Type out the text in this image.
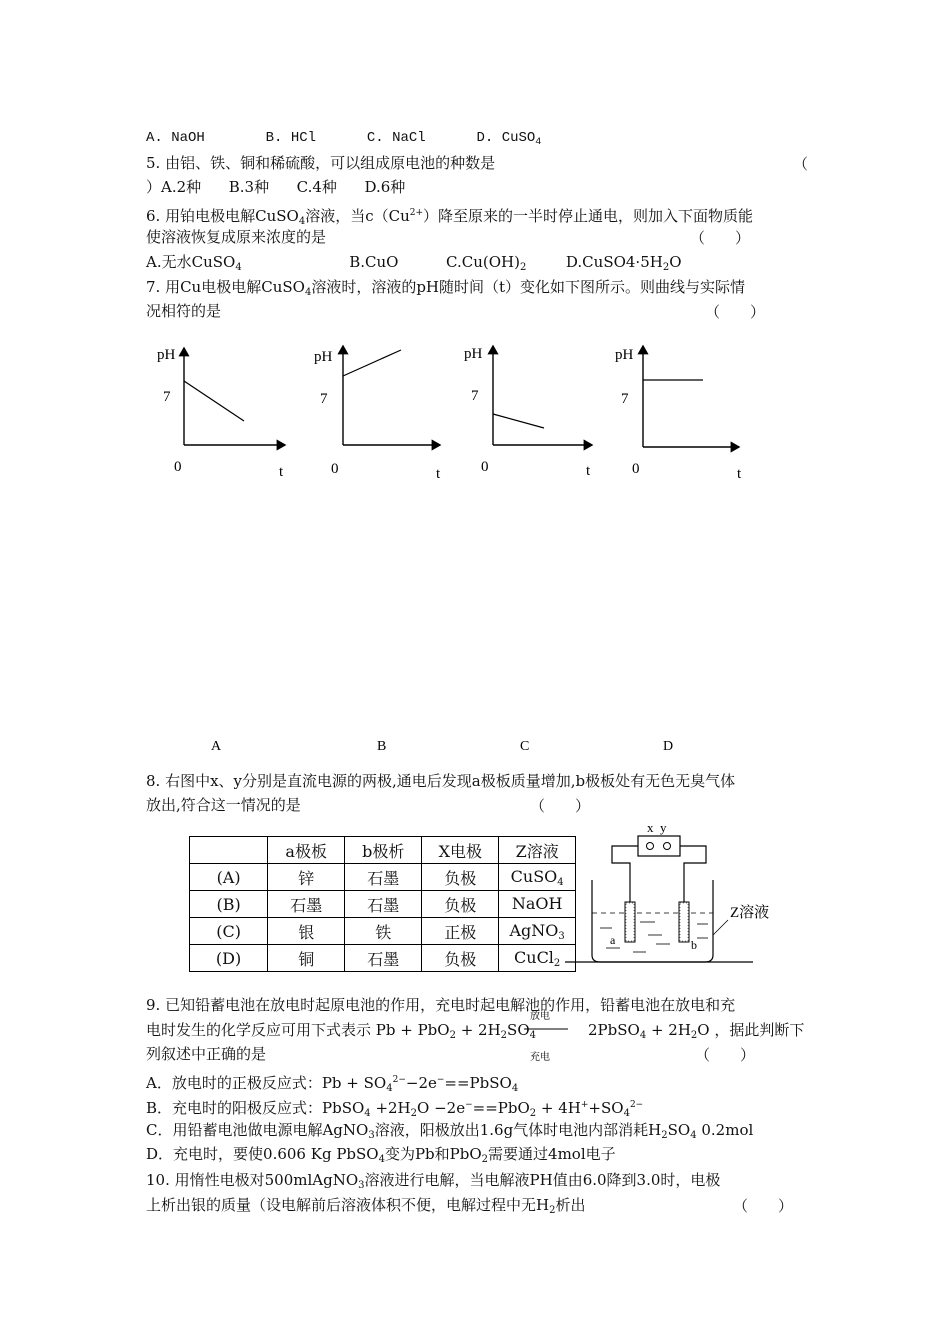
A. NaOH	B. HCl	C. NaCl	D. CuSO$_4$
5. 由铝、铁、铜和稀硫酸，可以组成原电池的种数是	（
）A.2种 B.3种 C.4种 D.6种
6. 用铂电极电解CuSO$_4$溶液，当$c(Cu^{2+})$降至原来的一半时停止通电，则加入下面物质能
使溶液恢复成原来浓度的是	（　　）
A.无水CuSO$_4$	B.CuO	$C.Cu(OH)_2$	$D.CuSO4\cdot 5H_2O$
7. 用Cu电极电解CuSO$_4$溶液时，溶液的pH随时间（t）变化如下图所示。则曲线与实际情
况相符的是	（　　）
pH
7
0	t
pH
7
0	t
pH
7
0	t
pH
7
0	t
A	B	C	D
x  y
Z溶液
a	b
放电
充电
8. 右图中x、y分别是直流电源的两极,通电后发现a极板质量增加,b极板处有无色无臭气体
放出,符合这一情况的是	（　　）
	a极板	b极析	X电极	Z溶液
(A)	锌	石墨	负极	CuSO$_4$
(B)	石墨	石墨	负极	NaOH
(C)	银	铁	正极	AgNO$_3$
(D)	铜	石墨	负极	CuCl$_2$
9. 已知铅蓄电池在放电时起原电池的作用，充电时起电解池的作用，铅蓄电池在放电和充
电时发生的化学反应可用下式表示 $Pb + PbO_2 + 2H_2SO_4$	2PbSO$_4$ + $2H_2O$ ，据此判断下
列叙述中正确的是	（　　）
A．放电时的正极反应式：$Pb + SO_4^{2-}-2e^-==PbSO_4$
B．充电时的阳极反应式：PbSO$_4$ $+2H_2O -2e^-==PbO_2 + 4H^++SO_4^{2-}$
C．用铅蓄电池做电源电解AgNO$_3$溶液，阳极放出1.6g气体时电池内部消耗$H_2SO_4$ 0.2mol
D．充电时，要使0.606 Kg PbSO$_4$变为Pb和PbO$_2$需要通过4mol电子
10. 用惰性电极对500mlAgNO$_3$溶液进行电解，当电解液PH值由6.0降到3.0时，电极
上析出银的质量（设电解前后溶液体积不便，电解过程中无$H_2$析出	（　　）
